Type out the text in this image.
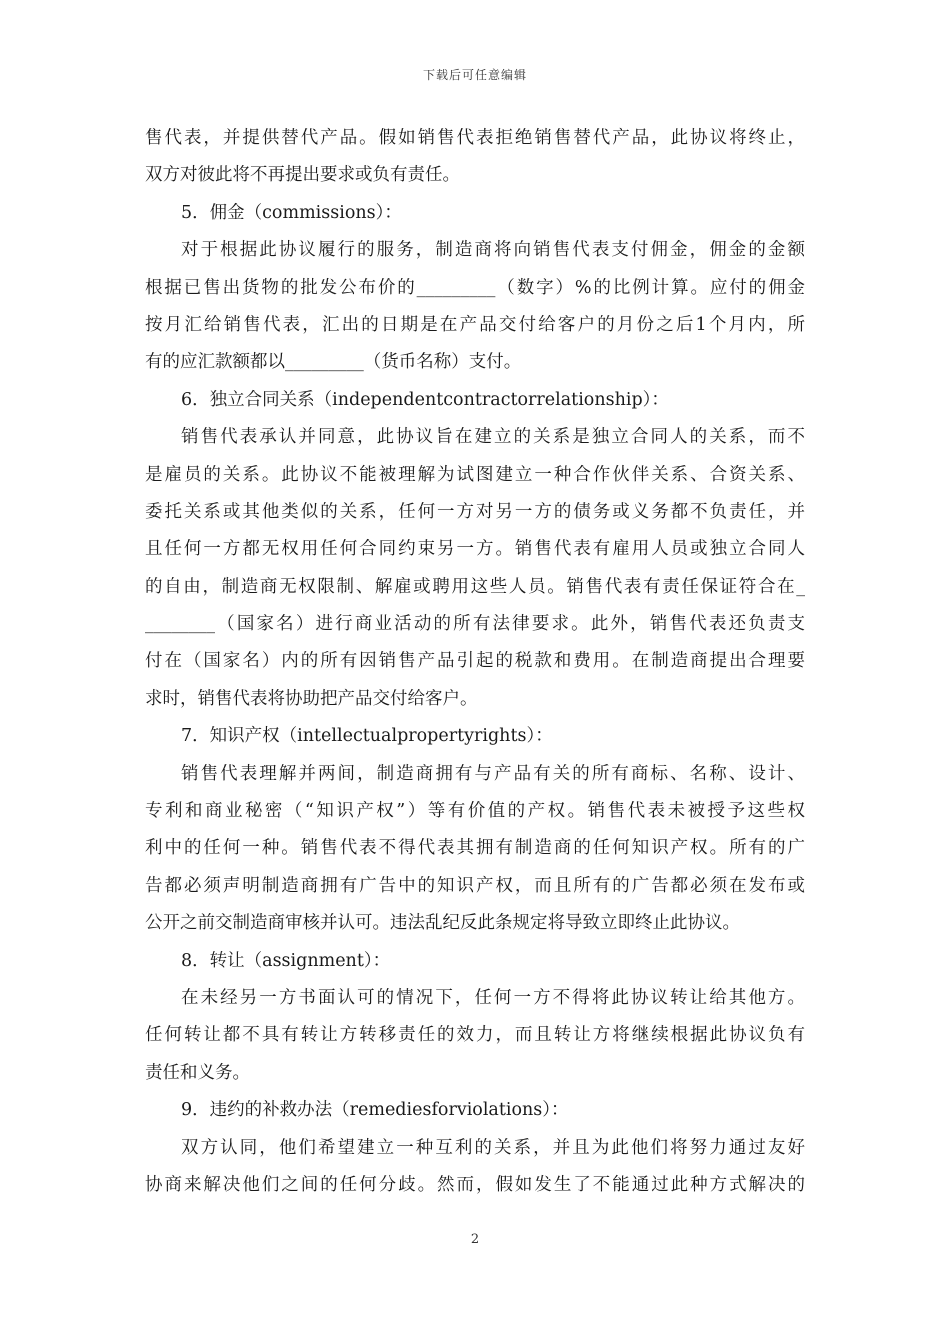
下载后可任意编辑
售代表，并提供替代产品。假如销售代表拒绝销售替代产品，此协议将终止，
双方对彼此将不再提出要求或负有责任。
5．佣金（commissions）：
对于根据此协议履行的服务，制造商将向销售代表支付佣金，佣金的金额
根据已售出货物的批发公布价的_________（数字）%的比例计算。应付的佣金
按月汇给销售代表，汇出的日期是在产品交付给客户的月份之后1个月内，所
有的应汇款额都以_________（货币名称）支付。
6．独立合同关系（independentcontractorrelationship）：
销售代表承认并同意，此协议旨在建立的关系是独立合同人的关系，而不
是雇员的关系。此协议不能被理解为试图建立一种合作伙伴关系、合资关系、
委托关系或其他类似的关系，任何一方对另一方的债务或义务都不负责任，并
且任何一方都无权用任何合同约束另一方。销售代表有雇用人员或独立合同人
的自由，制造商无权限制、解雇或聘用这些人员。销售代表有责任保证符合在_
________（国家名）进行商业活动的所有法律要求。此外，销售代表还负责支
付在（国家名）内的所有因销售产品引起的税款和费用。在制造商提出合理要
求时，销售代表将协助把产品交付给客户。
7．知识产权（intellectualpropertyrights）：
销售代表理解并两间，制造商拥有与产品有关的所有商标、名称、设计、
专利和商业秘密（“知识产权”）等有价值的产权。销售代表未被授予这些权
利中的任何一种。销售代表不得代表其拥有制造商的任何知识产权。所有的广
告都必须声明制造商拥有广告中的知识产权，而且所有的广告都必须在发布或
公开之前交制造商审核并认可。违法乱纪反此条规定将导致立即终止此协议。
8．转让（assignment）：
在未经另一方书面认可的情况下，任何一方不得将此协议转让给其他方。
任何转让都不具有转让方转移责任的效力，而且转让方将继续根据此协议负有
责任和义务。
9．违约的补救办法（remediesforviolations）：
双方认同，他们希望建立一种互利的关系，并且为此他们将努力通过友好
协商来解决他们之间的任何分歧。然而，假如发生了不能通过此种方式解决的
2
